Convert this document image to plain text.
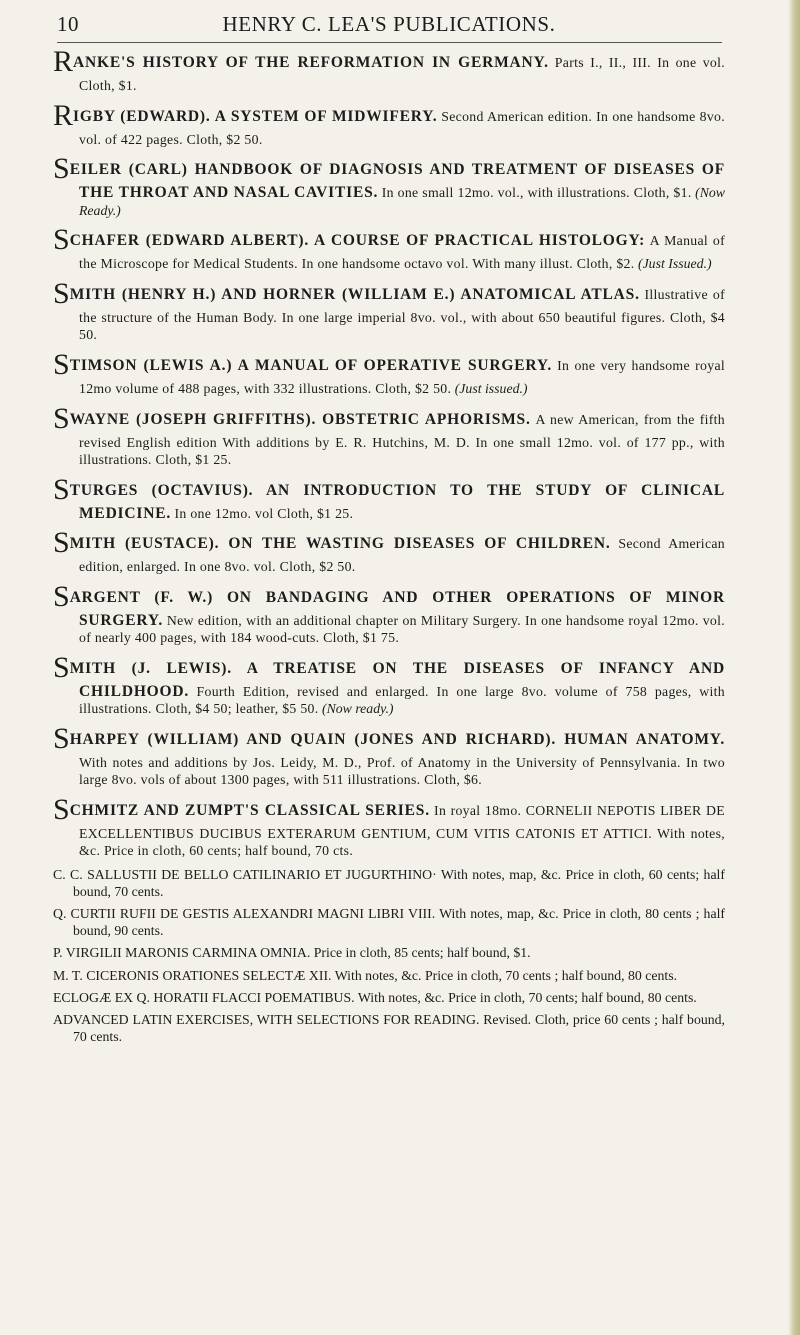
10	HENRY C. LEA'S PUBLICATIONS.

RANKE'S HISTORY OF THE REFORMATION IN GERMANY. Parts I., II., III. In one vol. Cloth, $1.

RIGBY (EDWARD). A SYSTEM OF MIDWIFERY. Second American edition. In one handsome 8vo. vol. of 422 pages. Cloth, $2 50.

SEILER (CARL) HANDBOOK OF DIAGNOSIS AND TREATMENT OF DISEASES OF THE THROAT AND NASAL CAVITIES. In one small 12mo. vol., with illustrations. Cloth, $1. (Now Ready.)

SCHAFER (EDWARD ALBERT). A COURSE OF PRACTICAL HISTOLOGY: A Manual of the Microscope for Medical Students. In one handsome octavo vol. With many illust. Cloth, $2. (Just Issued.)

SMITH (HENRY H.) AND HORNER (WILLIAM E.) ANATOMICAL ATLAS. Illustrative of the structure of the Human Body. In one large imperial 8vo. vol., with about 650 beautiful figures. Cloth, $4 50.

STIMSON (LEWIS A.) A MANUAL OF OPERATIVE SURGERY. In one very handsome royal 12mo volume of 488 pages, with 332 illustrations. Cloth, $2 50. (Just issued.)

SWAYNE (JOSEPH GRIFFITHS). OBSTETRIC APHORISMS. A new American, from the fifth revised English edition With additions by E. R. Hutchins, M. D. In one small 12mo. vol. of 177 pp., with illustrations. Cloth, $1 25.

STURGES (OCTAVIUS). AN INTRODUCTION TO THE STUDY OF CLINICAL MEDICINE. In one 12mo. vol Cloth, $1 25.

SMITH (EUSTACE). ON THE WASTING DISEASES OF CHILDREN. Second American edition, enlarged. In one 8vo. vol. Cloth, $2 50.

SARGENT (F. W.) ON BANDAGING AND OTHER OPERATIONS OF MINOR SURGERY. New edition, with an additional chapter on Military Surgery. In one handsome royal 12mo. vol. of nearly 400 pages, with 184 wood-cuts. Cloth, $1 75.

SMITH (J. LEWIS). A TREATISE ON THE DISEASES OF INFANCY AND CHILDHOOD. Fourth Edition, revised and enlarged. In one large 8vo. volume of 758 pages, with illustrations. Cloth, $4 50; leather, $5 50. (Now ready.)

SHARPEY (WILLIAM) AND QUAIN (JONES AND RICHARD). HUMAN ANATOMY. With notes and additions by Jos. Leidy, M. D., Prof. of Anatomy in the University of Pennsylvania. In two large 8vo. vols of about 1300 pages, with 511 illustrations. Cloth, $6.

SCHMITZ AND ZUMPT'S CLASSICAL SERIES. In royal 18mo. CORNELII NEPOTIS LIBER DE EXCELLENTIBUS DUCIBUS EXTERARUM GENTIUM, CUM VITIS CATONIS ET ATTICI. With notes, &c. Price in cloth, 60 cents; half bound, 70 cts.

C. C. SALLUSTII DE BELLO CATILINARIO ET JUGURTHINO· With notes, map, &c. Price in cloth, 60 cents; half bound, 70 cents.

Q. CURTII RUFII DE GESTIS ALEXANDRI MAGNI LIBRI VIII. With notes, map, &c. Price in cloth, 80 cents ; half bound, 90 cents.

P. VIRGILII MARONIS CARMINA OMNIA. Price in cloth, 85 cents; half bound, $1.

M. T. CICERONIS ORATIONES SELECTÆ XII. With notes, &c. Price in cloth, 70 cents ; half bound, 80 cents.

ECLOGÆ EX Q. HORATII FLACCI POEMATIBUS. With notes, &c. Price in cloth, 70 cents; half bound, 80 cents.

ADVANCED LATIN EXERCISES, WITH SELECTIONS FOR READING. Revised. Cloth, price 60 cents ; half bound, 70 cents.
